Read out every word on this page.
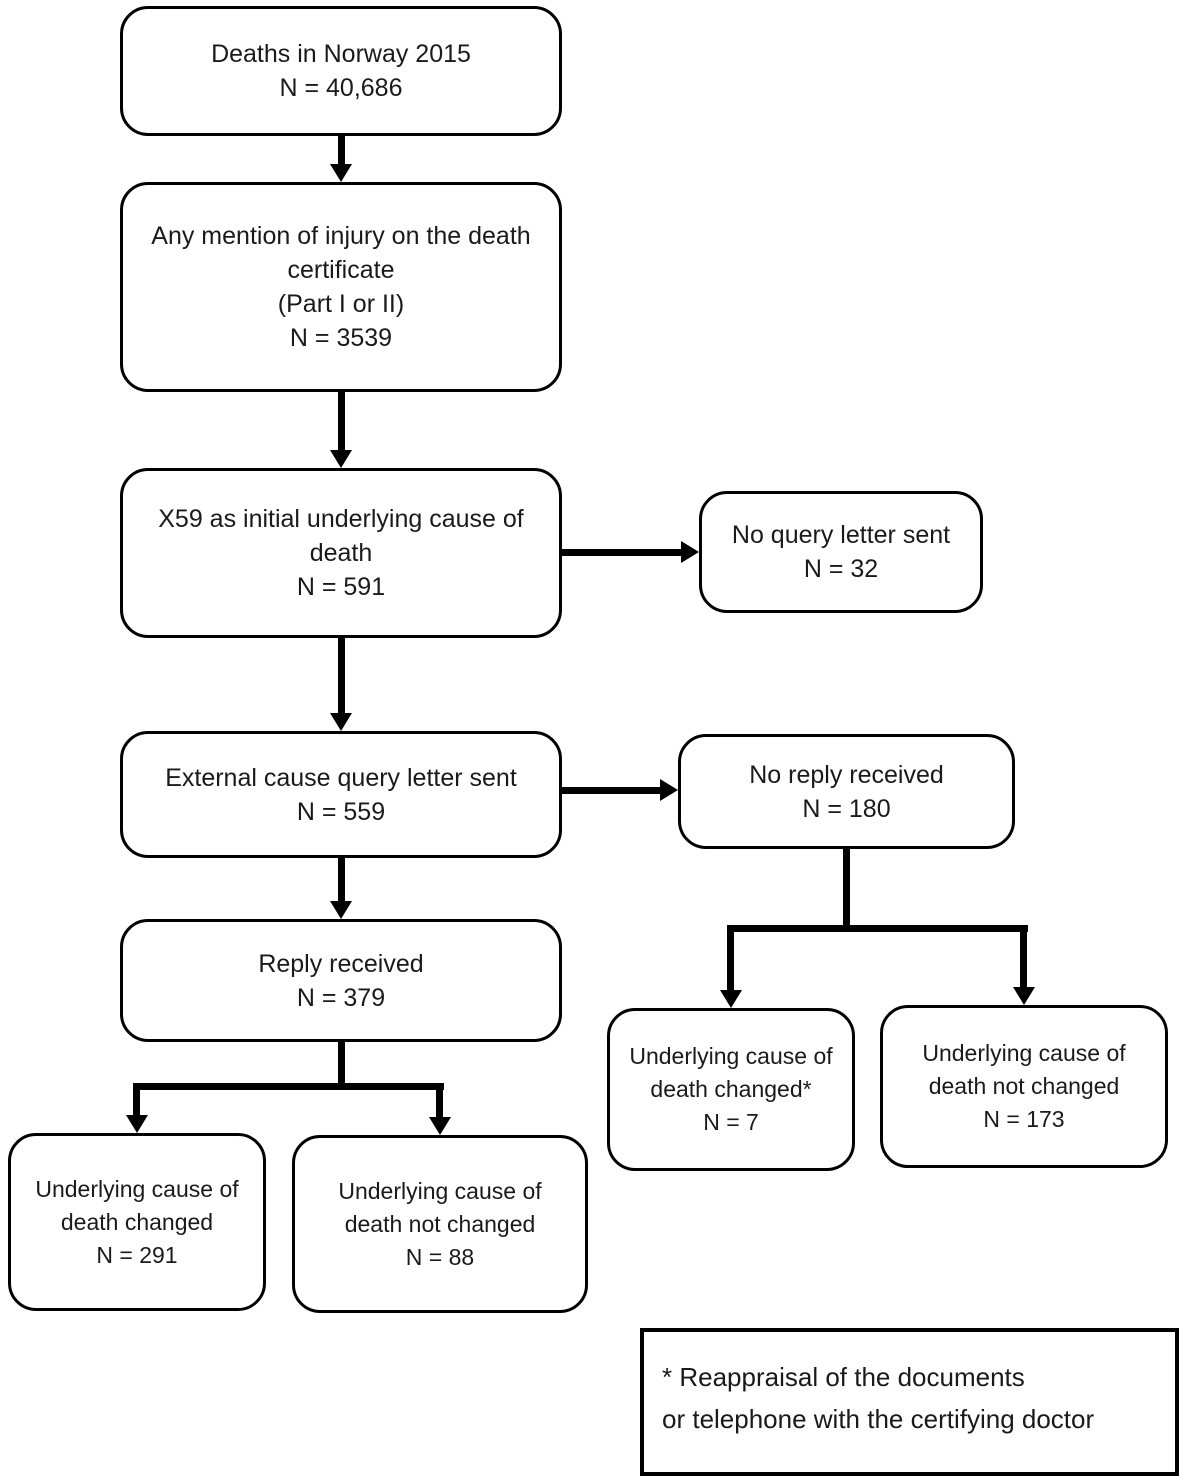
Deaths in Norway 2015
N = 40,686
Any mention of injury on the death certificate
(Part I or II)
N = 3539
X59 as initial underlying cause of death
N = 591
External cause query letter sent
N = 559
Reply received
N = 379
No query letter sent
N = 32
No reply received
N = 180
Underlying cause of death changed
N = 291
Underlying cause of death not changed
N = 88
Underlying cause of death changed*
N = 7
Underlying cause of death not changed
N = 173
* Reappraisal of the documents
or telephone with the certifying doctor
